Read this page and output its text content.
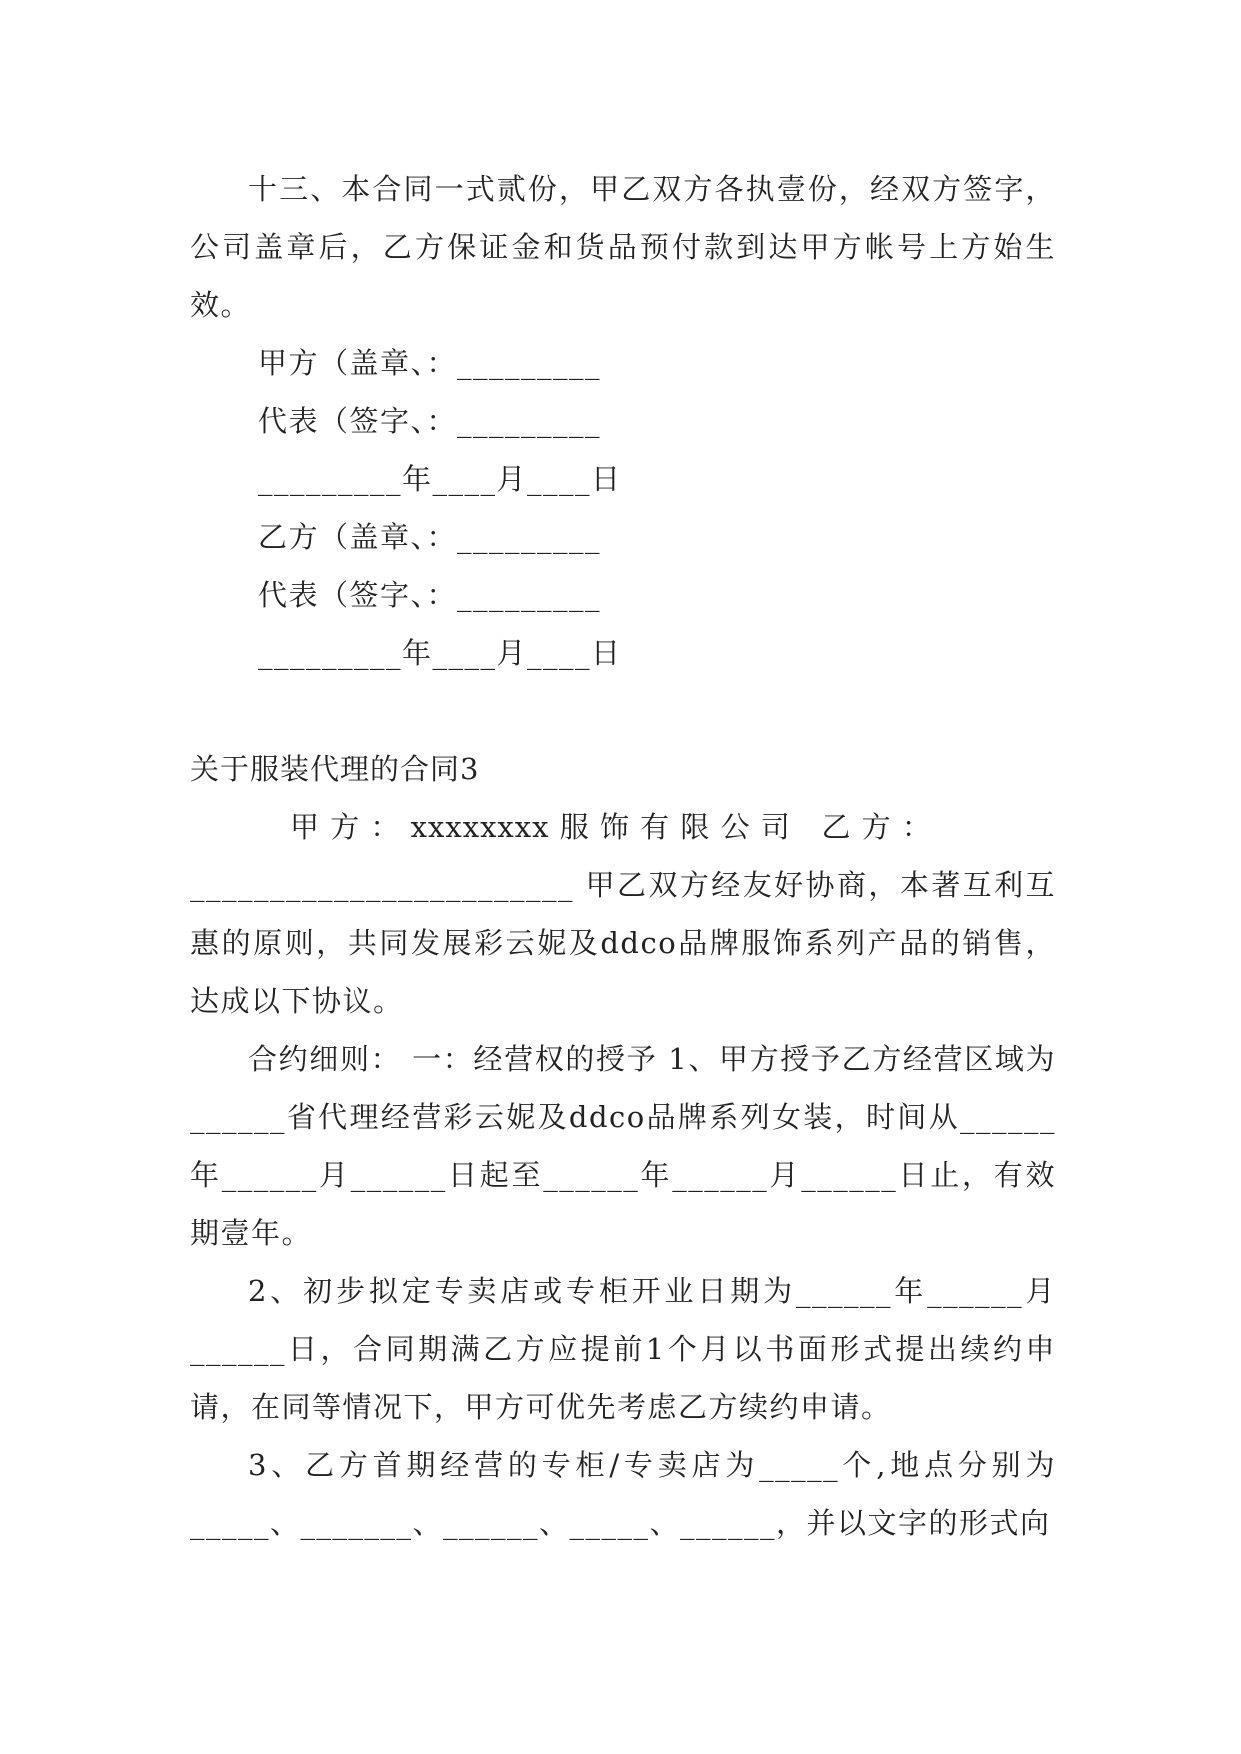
十三、本合同一式贰份，甲乙双方各执壹份，经双方签字，公司盖章后，乙方保证金和货品预付款到达甲方帐号上方始生效。

甲方（盖章、：_________

代表（签字、：_________

_________年____月____日

乙方（盖章、：_________

代表（签字、：_________

_________年____月____日

关于服装代理的合同3

甲 方 ： xxxxxxxx 服 饰 有 限 公 司   乙 方 ：

________________________ 甲乙双方经友好协商，本著互利互惠的原则，共同发展彩云妮及ddco品牌服饰系列产品的销售，达成以下协议。

合约细则： 一：经营权的授予 1、甲方授予乙方经营区域为______省代理经营彩云妮及ddco品牌系列女装，时间从______年______月______日起至______年______月______日止，有效期壹年。

2、初步拟定专卖店或专柜开业日期为______年______月______日，合同期满乙方应提前1个月以书面形式提出续约申请，在同等情况下，甲方可优先考虑乙方续约申请。

3、乙方首期经营的专柜/专卖店为_____个,地点分别为_____、_______、______、_____、______，并以文字的形式向
